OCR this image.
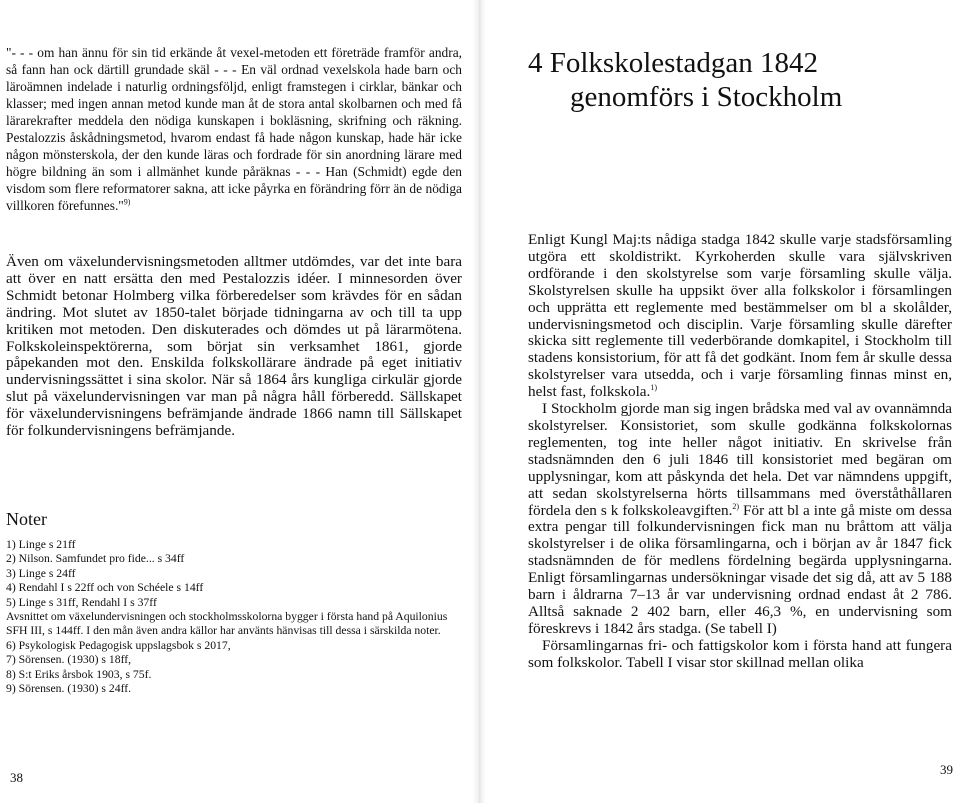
"- - - om han ännu för sin tid erkände åt vexel-metoden ett företräde framför andra, så fann han ock därtill grundade skäl - - - En väl ordnad vexelskola hade barn och läroämnen indelade i naturlig ordningsföljd, enligt framstegen i cirklar, bänkar och klasser; med ingen annan metod kunde man åt de stora antal skolbarnen och med få lärarekrafter meddela den nödiga kunskapen i bokläsning, skrifning och räkning. Pestalozzis åskådningsmetod, hvarom endast få hade någon kunskap, hade här icke någon mönsterskola, der den kunde läras och fordrade för sin anordning lärare med högre bildning än som i allmänhet kunde påräknas - - - Han (Schmidt) egde den visdom som flere reformatorer sakna, att icke påyrka en förändring förr än de nödiga villkoren förefunnes."$^{9)}$

Även om växelundervisningsmetoden alltmer utdömdes, var det inte bara att över en natt ersätta den med Pestalozzis idéer. I minnesorden över Schmidt betonar Holmberg vilka förberedelser som krävdes för en sådan ändring. Mot slutet av 1850-talet började tidningarna av och till ta upp kritiken mot metoden. Den diskuterades och dömdes ut på lärarmötena. Folkskoleinspektörerna, som börjat sin verksamhet 1861, gjorde påpekanden mot den. Enskilda folkskollärare ändrade på eget initiativ undervisningssättet i sina skolor. När så 1864 års kungliga cirkulär gjorde slut på växelundervisningen var man på några håll förberedd. Sällskapet för växelundervisningens befrämjande ändrade 1866 namn till Sällskapet för folkundervisningens befrämjande.

Noter
1) Linge s 21ff
2) Nilson. Samfundet pro fide... s 34ff
3) Linge s 24ff
4) Rendahl I s 22ff och von Schéele s 14ff
5) Linge s 31ff, Rendahl I s 37ff
Avsnittet om växelundervisningen och stockholmsskolorna bygger i första hand på Aquilonius SFH III, s 144ff. I den mån även andra källor har använts hänvisas till dessa i särskilda noter.
6) Psykologisk Pedagogisk uppslagsbok s 2017,
7) Sörensen. (1930) s 18ff,
8) S:t Eriks årsbok 1903, s 75f.
9) Sörensen. (1930) s 24ff.
38
4 Folkskolestadgan 1842
genomförs i Stockholm

Enligt Kungl Maj:ts nådiga stadga 1842 skulle varje stadsförsamling utgöra ett skoldistrikt. Kyrkoherden skulle vara självskriven ordförande i den skolstyrelse som varje församling skulle välja. Skolstyrelsen skulle ha uppsikt över alla folkskolor i församlingen och upprätta ett reglemente med bestämmelser om bl a skolålder, undervisningsmetod och disciplin. Varje församling skulle därefter skicka sitt reglemente till vederbörande domkapitel, i Stockholm till stadens konsistorium, för att få det godkänt. Inom fem år skulle dessa skolstyrelser vara utsedda, och i varje församling finnas minst en, helst fast, folkskola.$^{1)}$

I Stockholm gjorde man sig ingen brådska med val av ovannämnda skolstyrelser. Konsistoriet, som skulle godkänna folkskolornas reglementen, tog inte heller något initiativ. En skrivelse från stadsnämnden den 6 juli 1846 till konsistoriet med begäran om upplysningar, kom att påskynda det hela. Det var nämndens uppgift, att sedan skolstyrelserna hörts tillsammans med överståthållaren fördela den s k folkskoleavgiften.$^{2)}$ För att bl a inte gå miste om dessa extra pengar till folkundervisningen fick man nu bråttom att välja skolstyrelser i de olika församlingarna, och i början av år 1847 fick stadsnämnden de för medlens fördelning begärda upplysningarna. Enligt församlingarnas undersökningar visade det sig då, att av 5 188 barn i åldrarna 7–13 år var undervisning ordnad endast åt 2 786. Alltså saknade 2 402 barn, eller 46,3 %, en undervisning som föreskrevs i 1842 års stadga. (Se tabell I)

Församlingarnas fri- och fattigskolor kom i första hand att fungera som folkskolor. Tabell I visar stor skillnad mellan olika

39
